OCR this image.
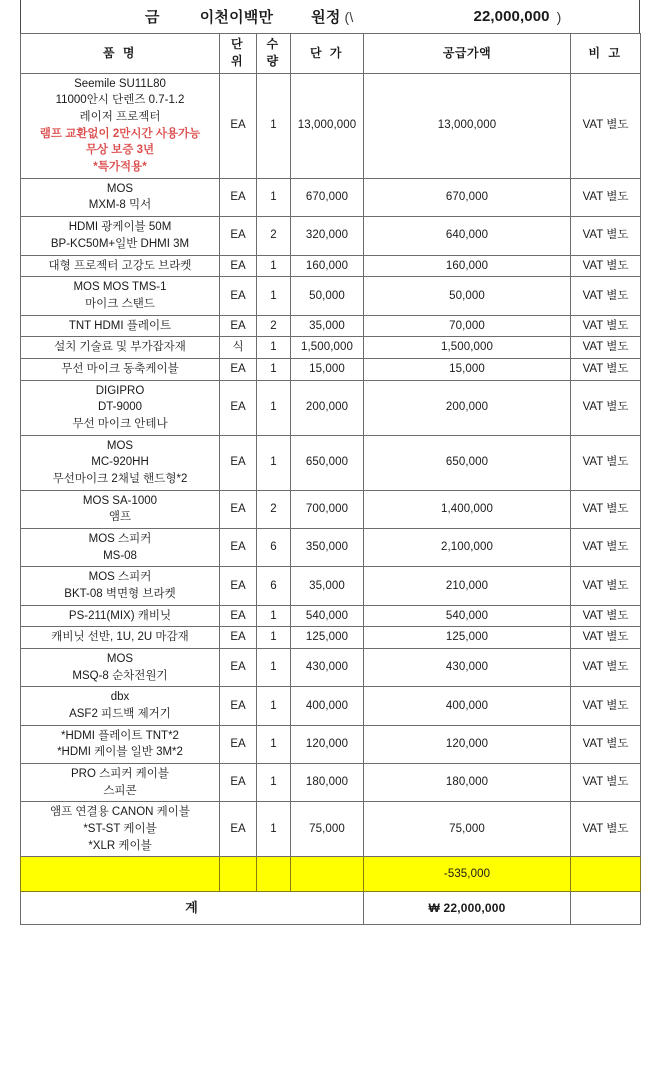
금	이천이백만	원정 (\	22,000,000 )
품 명	단 위	수 량	단 가	공급가액	비 고

Seemile SU11L80
11000안시 단렌즈 0.7-1.2
레이저 프로젝터
램프 교환없이 2만시간 사용가능
무상 보증 3년
*특가적용*
	EA	1	13,000,000	13,000,000	VAT 별도

MOS
MXM-8 믹서	EA	1	670,000	670,000	VAT 별도

HDMI 광케이블 50M
BP-KC50M+일반 DHMI 3M	EA	2	320,000	640,000	VAT 별도

대형 프로젝터 고강도 브라켓	EA	1	160,000	160,000	VAT 별도

MOS MOS TMS-1
마이크 스탠드	EA	1	50,000	50,000	VAT 별도

TNT HDMI 플레이트	EA	2	35,000	70,000	VAT 별도

설치 기술료 및 부가잡자재	식	1	1,500,000	1,500,000	VAT 별도

무선 마이크 동축케이블	EA	1	15,000	15,000	VAT 별도

DIGIPRO
DT-9000
무선 마이크 안테나	EA	1	200,000	200,000	VAT 별도

MOS
MC-920HH
무선마이크 2채널 핸드형*2	EA	1	650,000	650,000	VAT 별도

MOS SA-1000
앰프	EA	2	700,000	1,400,000	VAT 별도

MOS 스피커
MS-08	EA	6	350,000	2,100,000	VAT 별도

MOS 스피커
BKT-08 벽면형 브라켓	EA	6	35,000	210,000	VAT 별도

PS-211(MIX) 캐비닛	EA	1	540,000	540,000	VAT 별도

캐비닛 선반, 1U, 2U 마감재	EA	1	125,000	125,000	VAT 별도

MOS
MSQ-8 순차전원기	EA	1	430,000	430,000	VAT 별도

dbx
ASF2 피드백 제거기	EA	1	400,000	400,000	VAT 별도

*HDMI 플레이트 TNT*2
*HDMI 케이블 일반 3M*2	EA	1	120,000	120,000	VAT 별도

PRO 스피커 케이블
스피콘	EA	1	180,000	180,000	VAT 별도

앰프 연결용 CANON 케이블
*ST-ST 케이블
*XLR 케이블	EA	1	75,000	75,000	VAT 별도
				-535,000	
계				₩ 22,000,000	
